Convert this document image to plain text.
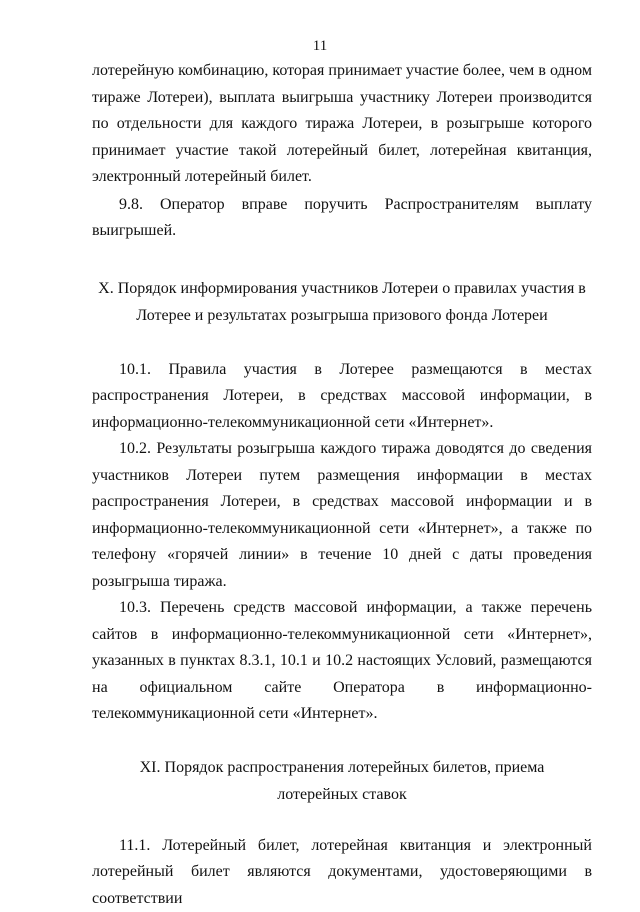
11

лотерейную комбинацию, которая принимает участие более, чем в одном тираже Лотереи), выплата выигрыша участнику Лотереи производится по отдельности для каждого тиража Лотереи, в розыгрыше которого принимает участие такой лотерейный билет, лотерейная квитанция, электронный лотерейный билет.

9.8. Оператор вправе поручить Распространителям выплату выигрышей.

X. Порядок информирования участников Лотереи о правилах участия в Лотерее и результатах розыгрыша призового фонда Лотереи

10.1. Правила участия в Лотерее размещаются в местах распространения Лотереи, в средствах массовой информации, в информационно-телекоммуникационной сети «Интернет».

10.2. Результаты розыгрыша каждого тиража доводятся до сведения участников Лотереи путем размещения информации в местах распространения Лотереи, в средствах массовой информации и в информационно-телекоммуникационной сети «Интернет», а также по телефону «горячей линии» в течение 10 дней с даты проведения розыгрыша тиража.

10.3. Перечень средств массовой информации, а также перечень сайтов в информационно-телекоммуникационной сети «Интернет», указанных в пунктах 8.3.1, 10.1 и 10.2 настоящих Условий, размещаются на официальном сайте Оператора в информационно-телекоммуникационной сети «Интернет».

XI. Порядок распространения лотерейных билетов, приема лотерейных ставок

11.1. Лотерейный билет, лотерейная квитанция и электронный лотерейный билет являются документами, удостоверяющими в соответствии
